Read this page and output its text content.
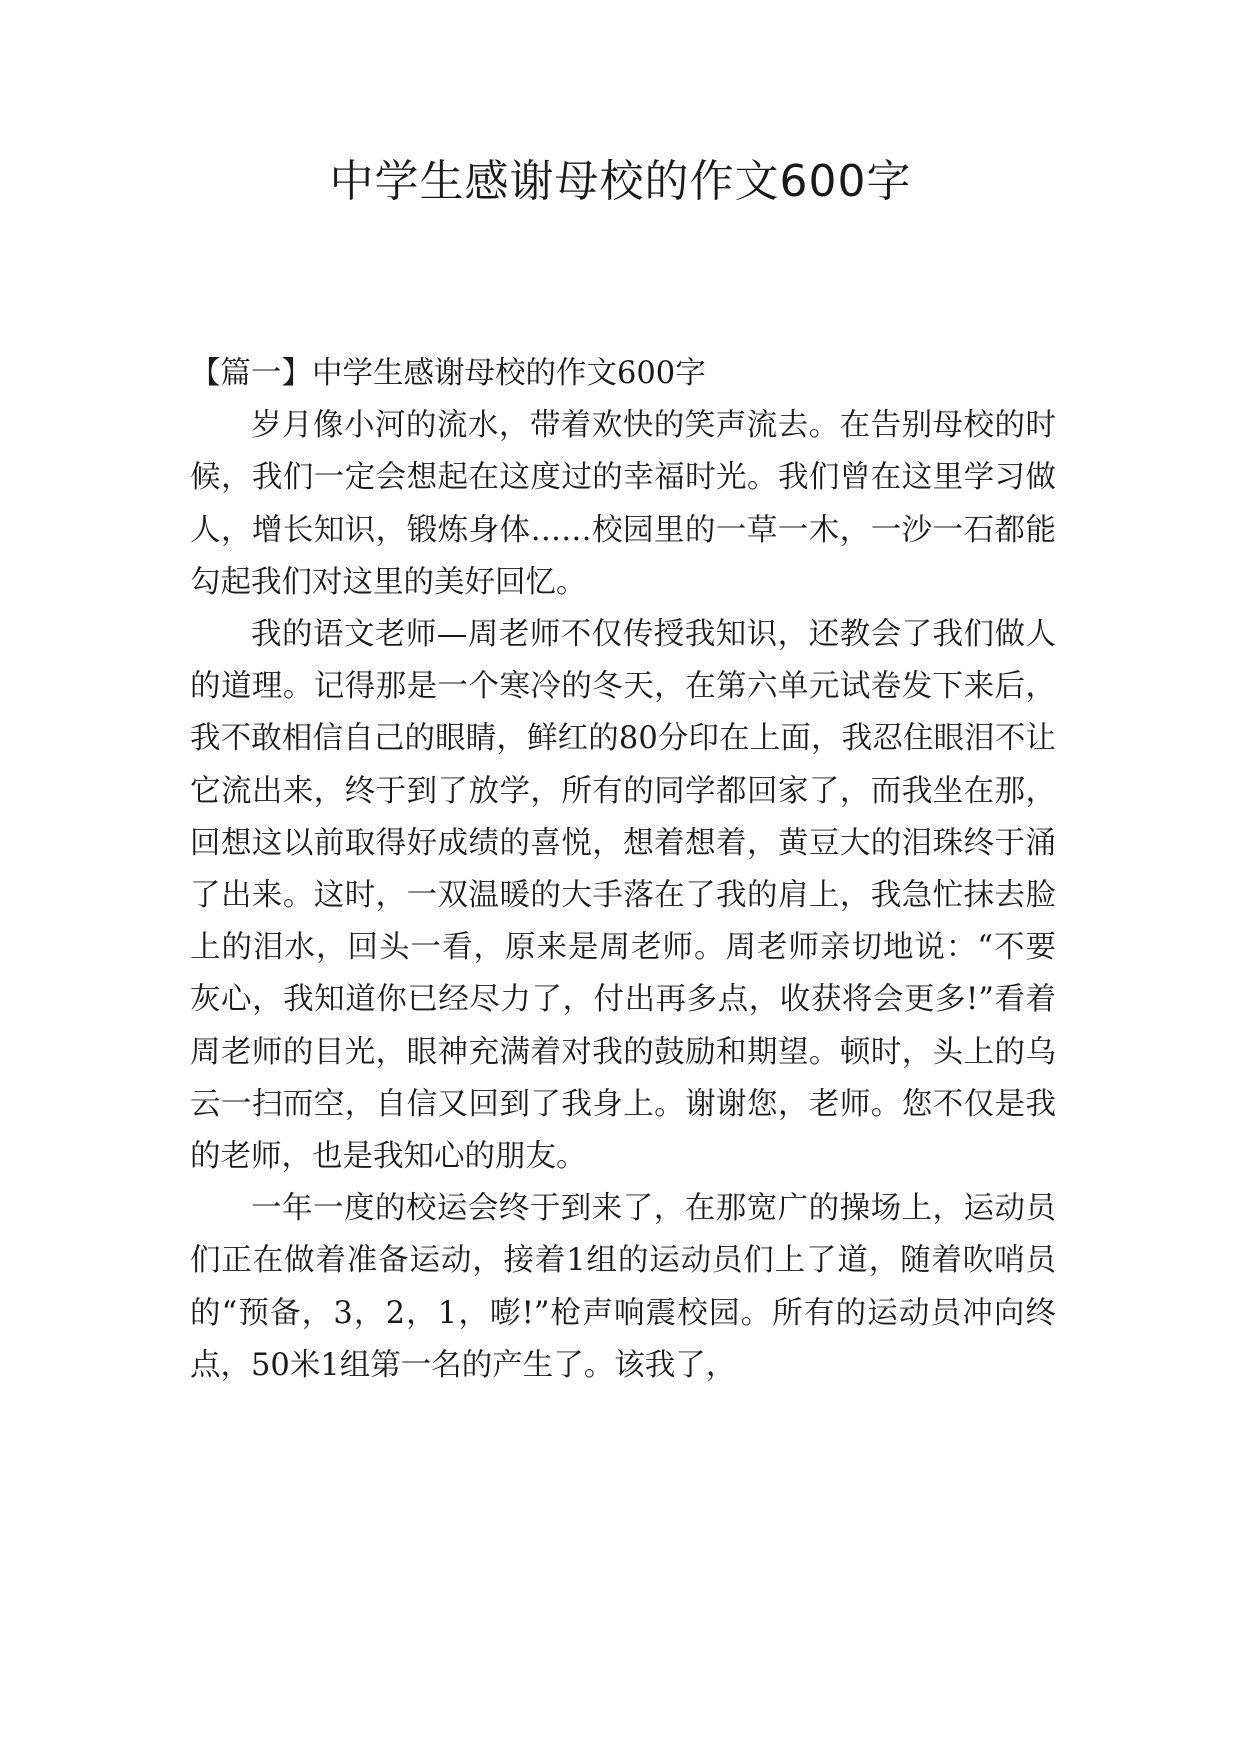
中学生感谢母校的作文600字

【篇一】中学生感谢母校的作文600字

岁月像小河的流水，带着欢快的笑声流去。在告别母校的时候，我们一定会想起在这度过的幸福时光。我们曾在这里学习做人，增长知识，锻炼身体……校园里的一草一木，一沙一石都能勾起我们对这里的美好回忆。

我的语文老师—周老师不仅传授我知识，还教会了我们做人的道理。记得那是一个寒冷的冬天，在第六单元试卷发下来后，我不敢相信自己的眼睛，鲜红的80分印在上面，我忍住眼泪不让它流出来，终于到了放学，所有的同学都回家了，而我坐在那，回想这以前取得好成绩的喜悦，想着想着，黄豆大的泪珠终于涌了出来。这时，一双温暖的大手落在了我的肩上，我急忙抹去脸上的泪水，回头一看，原来是周老师。周老师亲切地说：“不要灰心，我知道你已经尽力了，付出再多点，收获将会更多!”看着周老师的目光，眼神充满着对我的鼓励和期望。顿时，头上的乌云一扫而空，自信又回到了我身上。谢谢您，老师。您不仅是我的老师，也是我知心的朋友。

一年一度的校运会终于到来了，在那宽广的操场上，运动员们正在做着准备运动，接着1组的运动员们上了道，随着吹哨员的“预备，3，2，1，嘭!”枪声响震校园。所有的运动员冲向终点，50米1组第一名的产生了。该我了，
